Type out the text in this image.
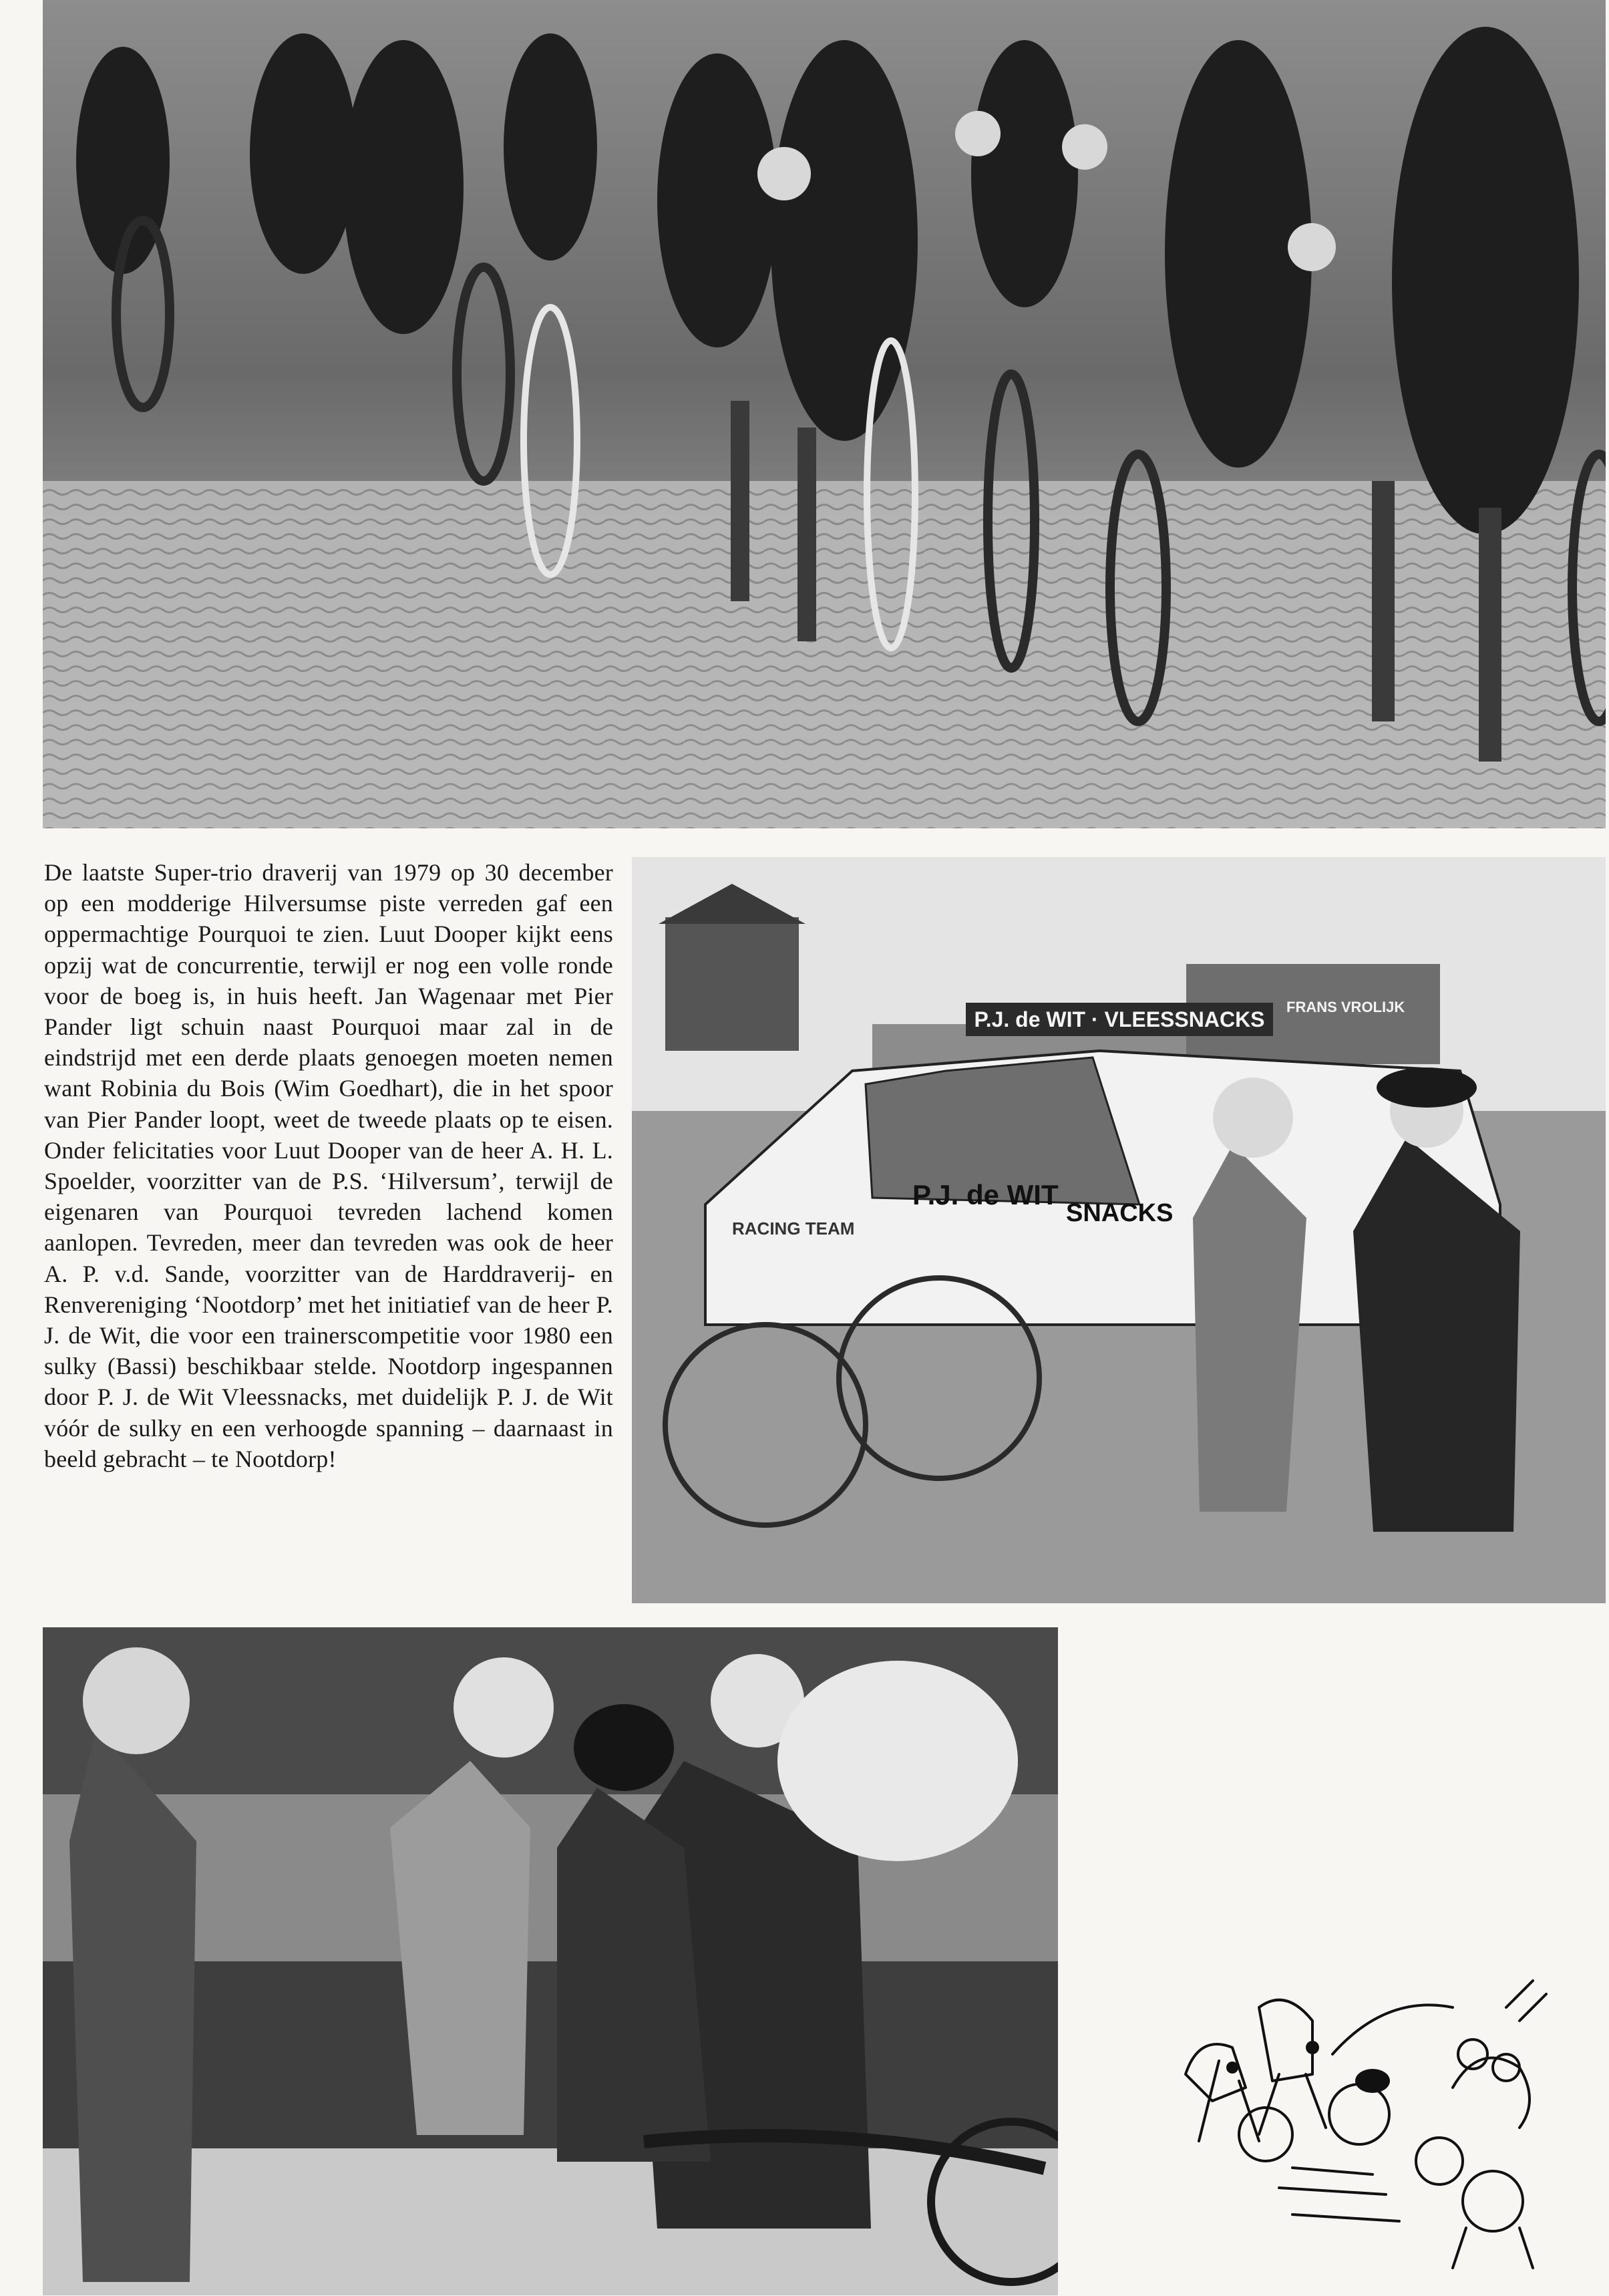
De laatste Super-trio draverij van 1979 op 30 december op een modderige Hilversumse piste verreden gaf een oppermachtige Pourquoi te zien. Luut Dooper kijkt eens opzij wat de concurrentie, terwijl er nog een volle ronde voor de boeg is, in huis heeft. Jan Wagenaar met Pier Pander ligt schuin naast Pourquoi maar zal in de eindstrijd met een derde plaats genoegen moeten nemen want Robinia du Bois (Wim Goedhart), die in het spoor van Pier Pander loopt, weet de tweede plaats op te eisen. Onder felicitaties voor Luut Dooper van de heer A. H. L. Spoelder, voorzitter van de P.S. ‘Hilversum’, terwijl de eigenaren van Pourquoi tevreden lachend komen aanlopen. Tevreden, meer dan tevreden was ook de heer A. P. v.d. Sande, voorzitter van de Harddraverij- en Renvereniging ‘Nootdorp’ met het initiatief van de heer P. J. de Wit, die voor een trainerscompetitie voor 1980 een sulky (Bassi) beschikbaar stelde. Nootdorp ingespannen door P. J. de Wit Vleessnacks, met duidelijk P. J. de Wit vóór de sulky en een verhoogde spanning – daarnaast in beeld gebracht – te Nootdorp!

P.J. de WIT · VLEESSNACKS
FRANS VROLIJK
RACING TEAM
P.J. de WIT
SNACKS
